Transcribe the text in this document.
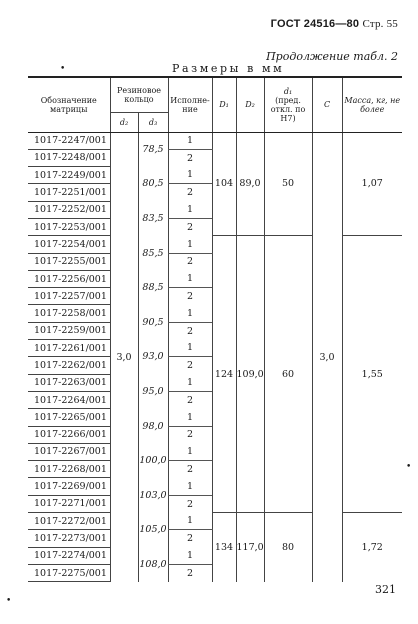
ГОСТ 24516—80 Стр. 55
Продолжение табл. 2
Размеры в мм
Обозначение матрицы	Резиновое кольцо		Исполне-ние	D₁	D₂	d₁
(пред. откл. по H7)	C	Масса, кг, не более
	d₂	d₃						
1017-2247/001	3,0	78,5	1	104	89,0	50	3,0	1,07
1017-2248/001			2					
1017-2249/001		80,5	1					
1017-2251/001			2					
1017-2252/001		83,5	1					
1017-2253/001			2					
1017-2254/001		85,5	1	124	109,0	60		1,55
1017-2255/001			2					
1017-2256/001		88,5	1					
1017-2257/001			2					
1017-2258/001		90,5	1					
1017-2259/001			2					
1017-2261/001		93,0	1					
1017-2262/001			2					
1017-2263/001		95,0	1					
1017-2264/001			2					
1017-2265/001		98,0	1					
1017-2266/001			2					
1017-2267/001		100,0	1					
1017-2268/001			2					
1017-2269/001		103,0	1					
1017-2271/001			2					
1017-2272/001		105,0	1	134	117,0	80		1,72
1017-2273/001			2					
1017-2274/001		108,0	1					
1017-2275/001			2					
321
•
•
•
